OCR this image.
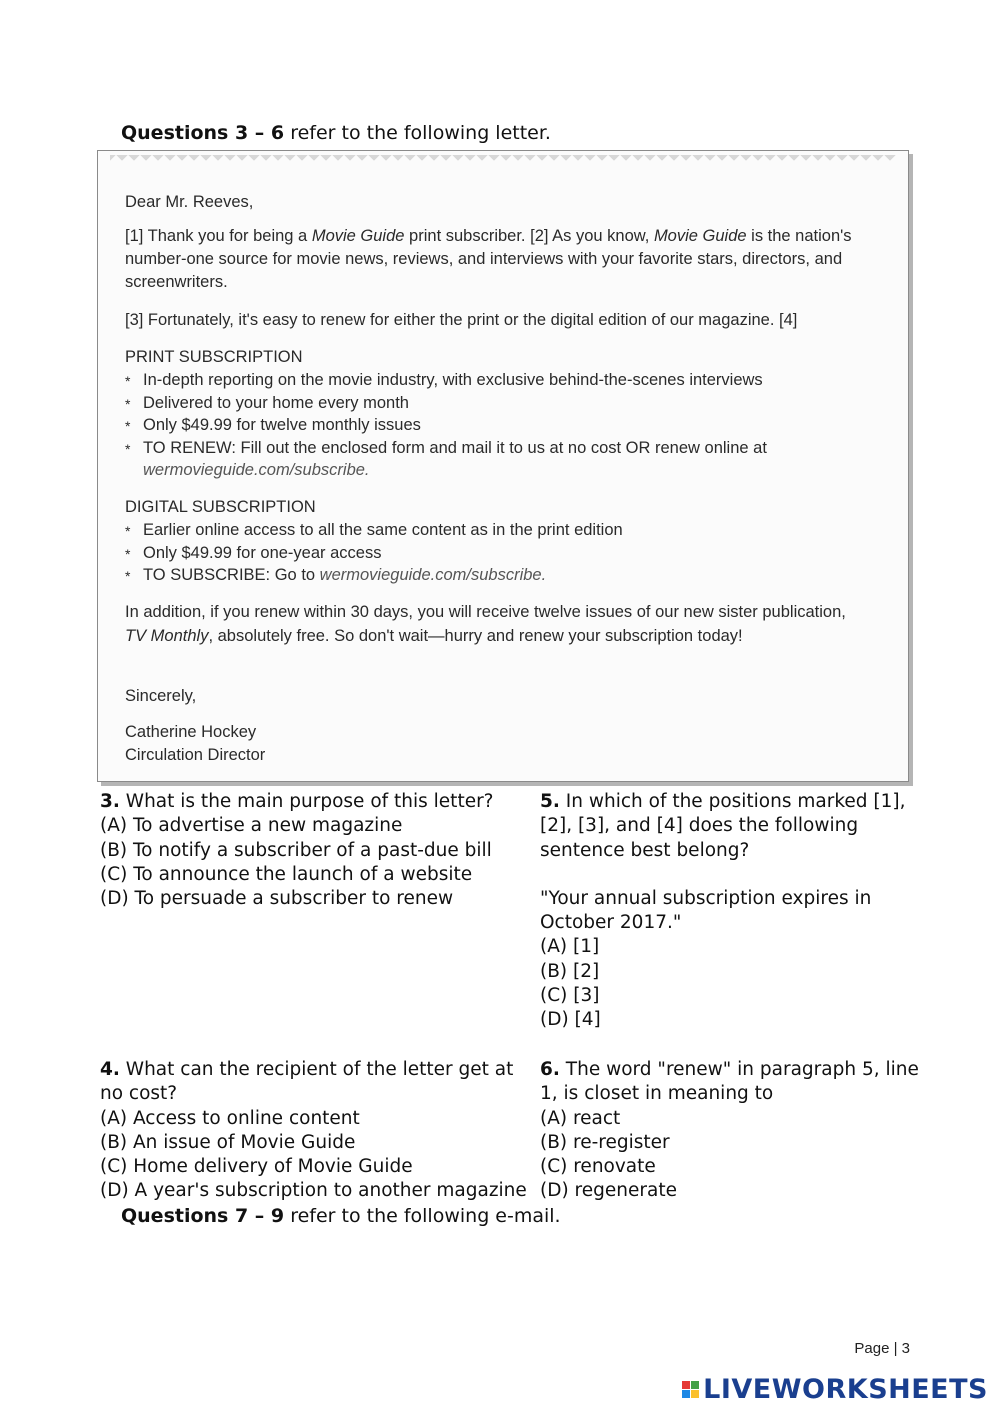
Questions 3 – 6 refer to the following letter.
Dear Mr. Reeves,
[1] Thank you for being a Movie Guide print subscriber. [2] As you know, Movie Guide is the nation's number-one source for movie news, reviews, and interviews with your favorite stars, directors, and screenwriters.
[3] Fortunately, it's easy to renew for either the print or the digital edition of our magazine. [4]
PRINT SUBSCRIPTION
* In-depth reporting on the movie industry, with exclusive behind-the-scenes interviews
* Delivered to your home every month
* Only $49.99 for twelve monthly issues
* TO RENEW: Fill out the enclosed form and mail it to us at no cost OR renew online at
wermovieguide.com/subscribe.
DIGITAL SUBSCRIPTION
* Earlier online access to all the same content as in the print edition
* Only $49.99 for one-year access
* TO SUBSCRIBE: Go to wermovieguide.com/subscribe.
In addition, if you renew within 30 days, you will receive twelve issues of our new sister publication, TV Monthly, absolutely free. So don't wait—hurry and renew your subscription today!
Sincerely,
Catherine Hockey
Circulation Director
3. What is the main purpose of this letter?
(A) To advertise a new magazine
(B) To notify a subscriber of a past-due bill
(C) To announce the launch of a website
(D) To persuade a subscriber to renew
5. In which of the positions marked [1],
[2], [3], and [4] does the following
sentence best belong?
"Your annual subscription expires in
October 2017."
(A) [1]
(B) [2]
(C) [3]
(D) [4]
4. What can the recipient of the letter get at
no cost?
(A) Access to online content
(B) An issue of Movie Guide
(C) Home delivery of Movie Guide
(D) A year's subscription to another magazine
6. The word "renew" in paragraph 5, line
1, is closet in meaning to
(A) react
(B) re-register
(C) renovate
(D) regenerate
Questions 7 – 9 refer to the following e-mail.
Page | 3
LIVEWORKSHEETS
